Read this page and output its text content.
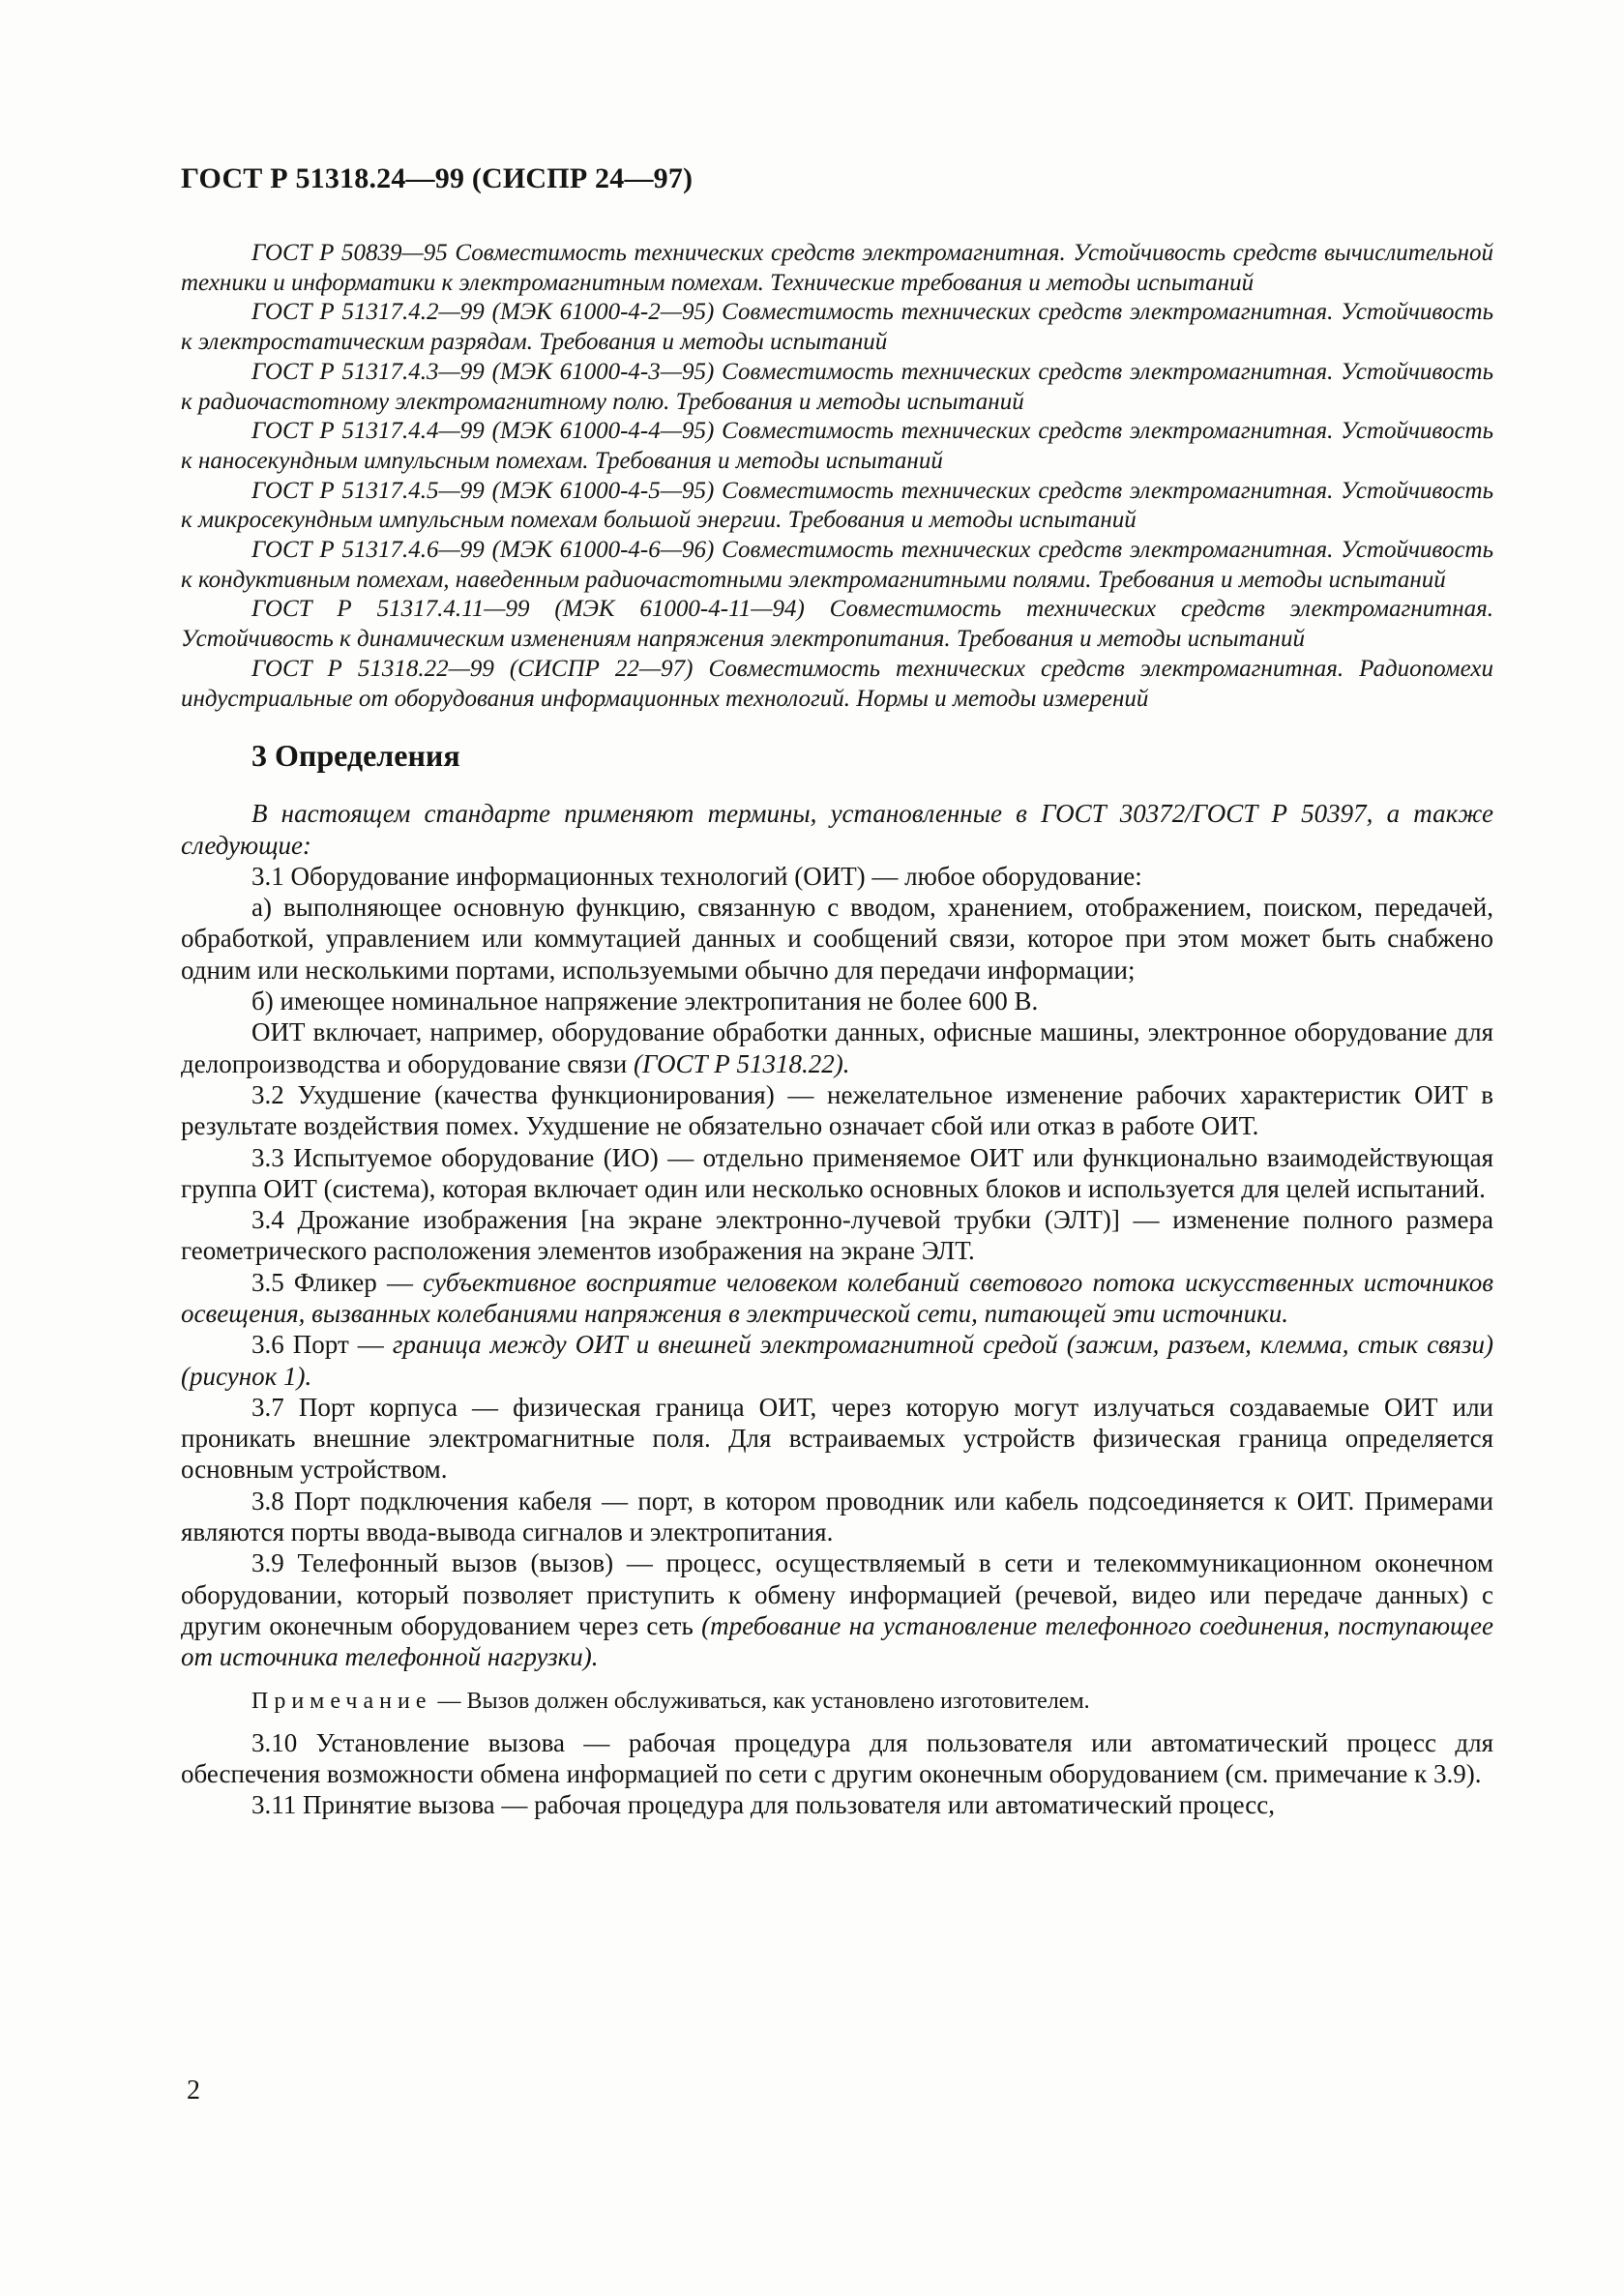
ГОСТ Р 51318.24—99 (СИСПР 24—97)

ГОСТ Р 50839—95 Совместимость технических средств электромагнитная. Устойчивость средств вычислительной техники и информатики к электромагнитным помехам. Технические требования и методы испытаний

ГОСТ Р 51317.4.2—99 (МЭК 61000-4-2—95) Совместимость технических средств электромагнитная. Устойчивость к электростатическим разрядам. Требования и методы испытаний

ГОСТ Р 51317.4.3—99 (МЭК 61000-4-3—95) Совместимость технических средств электромагнитная. Устойчивость к радиочастотному электромагнитному полю. Требования и методы испытаний

ГОСТ Р 51317.4.4—99 (МЭК 61000-4-4—95) Совместимость технических средств электромагнитная. Устойчивость к наносекундным импульсным помехам. Требования и методы испытаний

ГОСТ Р 51317.4.5—99 (МЭК 61000-4-5—95) Совместимость технических средств электромагнитная. Устойчивость к микросекундным импульсным помехам большой энергии. Требования и методы испытаний

ГОСТ Р 51317.4.6—99 (МЭК 61000-4-6—96) Совместимость технических средств электромагнитная. Устойчивость к кондуктивным помехам, наведенным радиочастотными электромагнитными полями. Требования и методы испытаний

ГОСТ Р 51317.4.11—99 (МЭК 61000-4-11—94) Совместимость технических средств электромагнитная. Устойчивость к динамическим изменениям напряжения электропитания. Требования и методы испытаний

ГОСТ Р 51318.22—99 (СИСПР 22—97) Совместимость технических средств электромагнитная. Радиопомехи индустриальные от оборудования информационных технологий. Нормы и методы измерений

3 Определения

В настоящем стандарте применяют термины, установленные в ГОСТ 30372/ГОСТ Р 50397, а также следующие:

3.1 Оборудование информационных технологий (ОИТ) — любое оборудование:

а) выполняющее основную функцию, связанную с вводом, хранением, отображением, поиском, передачей, обработкой, управлением или коммутацией данных и сообщений связи, которое при этом может быть снабжено одним или несколькими портами, используемыми обычно для передачи информации;

б) имеющее номинальное напряжение электропитания не более 600 В.

ОИТ включает, например, оборудование обработки данных, офисные машины, электронное оборудование для делопроизводства и оборудование связи (ГОСТ Р 51318.22).

3.2 Ухудшение (качества функционирования) — нежелательное изменение рабочих характеристик ОИТ в результате воздействия помех. Ухудшение не обязательно означает сбой или отказ в работе ОИТ.

3.3 Испытуемое оборудование (ИО) — отдельно применяемое ОИТ или функционально взаимодействующая группа ОИТ (система), которая включает один или несколько основных блоков и используется для целей испытаний.

3.4 Дрожание изображения [на экране электронно-лучевой трубки (ЭЛТ)] — изменение полного размера геометрического расположения элементов изображения на экране ЭЛТ.

3.5 Фликер — субъективное восприятие человеком колебаний светового потока искусственных источников освещения, вызванных колебаниями напряжения в электрической сети, питающей эти источники.

3.6 Порт — граница между ОИТ и внешней электромагнитной средой (зажим, разъем, клемма, стык связи) (рисунок 1).

3.7 Порт корпуса — физическая граница ОИТ, через которую могут излучаться создаваемые ОИТ или проникать внешние электромагнитные поля. Для встраиваемых устройств физическая граница определяется основным устройством.

3.8 Порт подключения кабеля — порт, в котором проводник или кабель подсоединяется к ОИТ. Примерами являются порты ввода-вывода сигналов и электропитания.

3.9 Телефонный вызов (вызов) — процесс, осуществляемый в сети и телекоммуникационном оконечном оборудовании, который позволяет приступить к обмену информацией (речевой, видео или передаче данных) с другим оконечным оборудованием через сеть (требование на установление телефонного соединения, поступающее от источника телефонной нагрузки).

Примечание — Вызов должен обслуживаться, как установлено изготовителем.

3.10 Установление вызова — рабочая процедура для пользователя или автоматический процесс для обеспечения возможности обмена информацией по сети с другим оконечным оборудованием (см. примечание к 3.9).

3.11 Принятие вызова — рабочая процедура для пользователя или автоматический процесс,

2
